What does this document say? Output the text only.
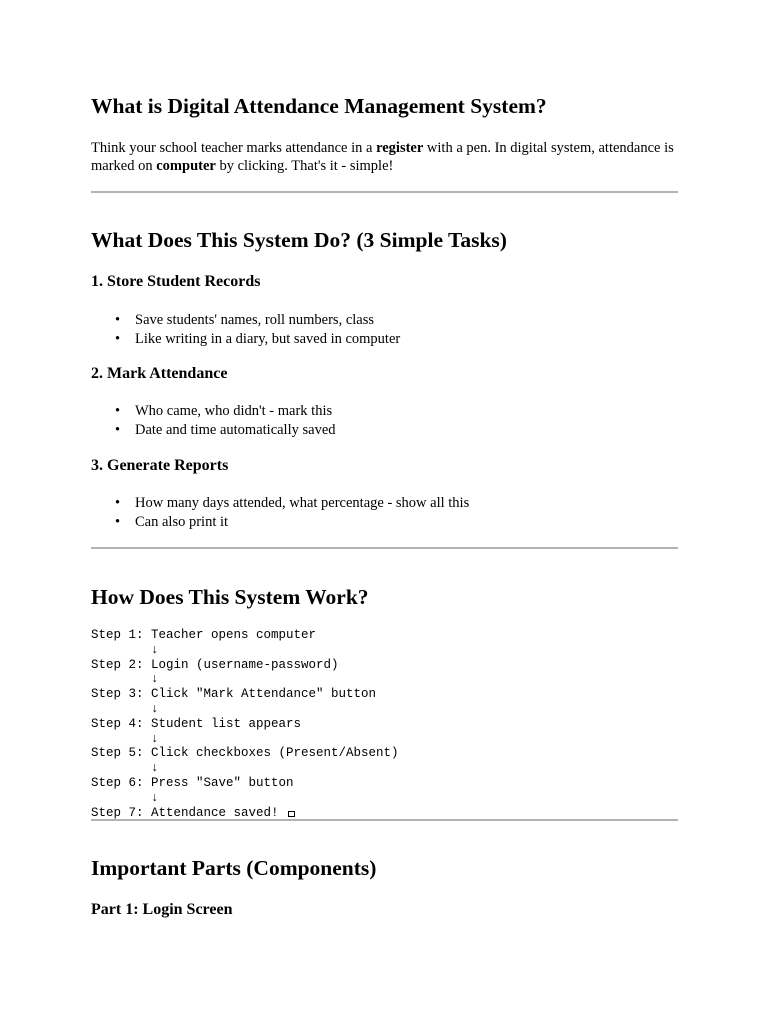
What is Digital Attendance Management System?

Think your school teacher marks attendance in a register with a pen. In digital system, attendance is marked on computer by clicking. That's it - simple!

What Does This System Do? (3 Simple Tasks)
1. Store Student Records
• Save students' names, roll numbers, class
• Like writing in a diary, but saved in computer
2. Mark Attendance
• Who came, who didn't - mark this
• Date and time automatically saved
3. Generate Reports
• How many days attended, what percentage - show all this
• Can also print it
How Does This System Work?
Step 1: Teacher opens computer
↓
Step 2: Login (username-password)
↓
Step 3: Click "Mark Attendance" button
↓
Step 4: Student list appears
↓
Step 5: Click checkboxes (Present/Absent)
↓
Step 6: Press "Save" button
↓
Step 7: Attendance saved!
Important Parts (Components)
Part 1: Login Screen
